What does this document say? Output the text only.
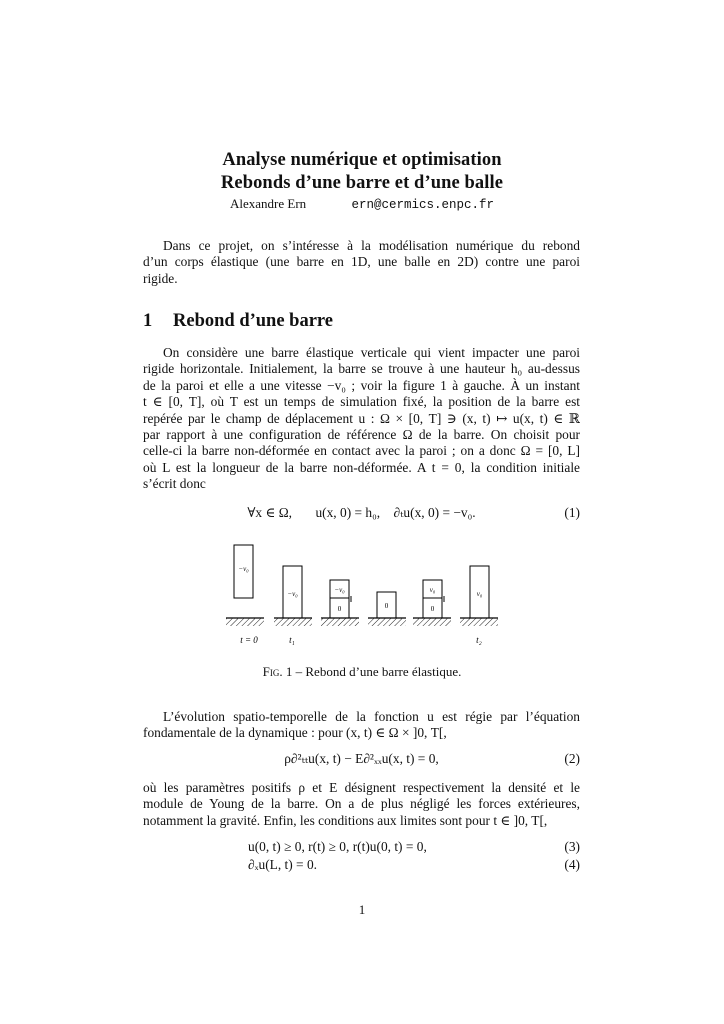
Analyse numérique et optimisation
Rebonds d’une barre et d’une balle
Alexandre Ern	ern@cermics.enpc.fr
Dans ce projet, on s’intéresse à la modélisation numérique du rebond
d’un corps élastique (une barre en 1D, une balle en 2D) contre une paroi
rigide.
1 Rebond d’une barre
On considère une barre élastique verticale qui vient impacter une paroi
rigide horizontale. Initialement, la barre se trouve à une hauteur h₀ au-dessus
de la paroi et elle a une vitesse −v₀ ; voir la figure 1 à gauche. À un instant
t ∈ [0, T], où T est un temps de simulation fixé, la position de la barre est
repérée par le champ de déplacement u : Ω × [0, T] ∋ (x, t) ↦ u(x, t) ∈ ℝ
par rapport à une configuration de référence Ω de la barre. On choisit pour
celle-ci la barre non-déformée en contact avec la paroi ; on a donc Ω = [0, L]
où L est la longueur de la barre non-déformée. A t = 0, la condition initiale
s’écrit donc
∀x ∈ Ω,       u(x, 0) = h₀,    ∂ₜu(x, 0) = −v₀.	(1)
−v₀
−v₀	−v₀
0	0
v₀
0
v₀
t = 0	t₁	t₂
Fig. 1 – Rebond d’une barre élastique.
L’évolution spatio-temporelle de la fonction u est régie par l’équation
fondamentale de la dynamique : pour (x, t) ∈ Ω × ]0, T[,
ρ∂²ₜₜu(x, t) − E∂²ₓₓu(x, t) = 0,	(2)
où les paramètres positifs ρ et E désignent respectivement la densité et le
module de Young de la barre. On a de plus négligé les forces extérieures,
notamment la gravité. Enfin, les conditions aux limites sont pour t ∈ ]0, T[,
u(0, t) ≥ 0, r(t) ≥ 0, r(t)u(0, t) = 0,	(3)
∂ₓu(L, t) = 0.	(4)
1
